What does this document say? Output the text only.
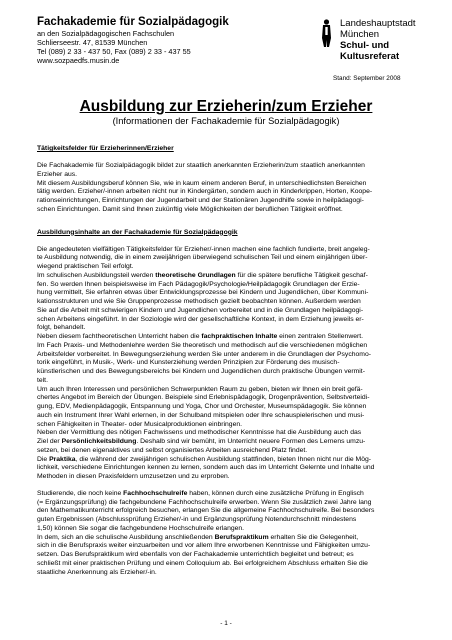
Fachakademie für Sozialpädagogik

an den Sozialpädagogischen Fachschulen

Schlierseestr. 47, 81539 München

Tel (089) 2 33 - 437 50, Fax (089) 2 33 - 437 55

www.sozpaedfs.musin.de

Landeshauptstadt

München

Schul- und

Kultusreferat

Stand: September 2008

Ausbildung zur Erzieherin/zum Erzieher

(Informationen der Fachakademie für Sozialpädagogik)

Tätigkeitsfelder für Erzieherinnen/Erzieher

Die Fachakademie für Sozialpädagogik bildet zur staatlich anerkannten Erzieherin/zum staatlich anerkannten

Erzieher aus.

Mit diesem Ausbildungsberuf können Sie, wie in kaum einem anderen Beruf, in unterschiedlichsten Bereichen

tätig werden. Erzieher/-innen arbeiten nicht nur in Kindergärten, sondern auch in Kinderkrippen, Horten, Koope-

rationseinrichtungen, Einrichtungen der Jugendarbeit und der Stationären Jugendhilfe sowie in heilpädagogi-

schen Einrichtungen. Damit sind Ihnen zukünftig viele Möglichkeiten der beruflichen Tätigkeit eröffnet.

Ausbildungsinhalte an der Fachakademie für Sozialpädagogik

Die angedeuteten vielfältigen Tätigkeitsfelder für Erzieher/-innen machen eine fachlich fundierte, breit angeleg-

te Ausbildung notwendig, die in einem zweijährigen überwiegend schulischen Teil und einem einjährigen über-

wiegend praktischen Teil erfolgt.

Im schulischen Ausbildungsteil werden theoretische Grundlagen für die spätere berufliche Tätigkeit geschaf-

fen. So werden Ihnen beispielsweise im Fach Pädagogik/Psychologie/Heilpädagogik Grundlagen der Erzie-

hung vermittelt, Sie erfahren etwas über Entwicklungsprozesse bei Kindern und Jugendlichen, über Kommuni-

kationsstrukturen und wie Sie Gruppenprozesse methodisch gezielt beobachten können. Außerdem werden

Sie auf die Arbeit mit schwierigen Kindern und Jugendlichen vorbereitet und in die Grundlagen heilpädagogi-

schen Arbeitens eingeführt. In der Soziologie wird der gesellschaftliche Kontext, in dem Erziehung jeweils er-

folgt, behandelt.

Neben diesem fachtheoretischen Unterricht haben die fachpraktischen Inhalte einen zentralen Stellenwert.

Im Fach Praxis- und Methodenlehre werden Sie theoretisch und methodisch auf die verschiedenen möglichen

Arbeitsfelder vorbereitet. In Bewegungserziehung werden Sie unter anderem in die Grundlagen der Psychomo-

torik eingeführt, in Musik-, Werk- und Kunsterziehung werden Prinzipien zur Förderung des musisch-

künstlerischen und des Bewegungsbereichs bei Kindern und Jugendlichen durch praktische Übungen vermit-

telt.

Um auch Ihren Interessen und persönlichen Schwerpunkten Raum zu geben, bieten wir Ihnen ein breit gefä-

chertes Angebot im Bereich der Übungen. Beispiele sind Erlebnispädagogik, Drogenprävention, Selbstverteidi-

gung, EDV, Medienpädagogik, Entspannung und Yoga, Chor und Orchester, Museumspädagogik. Sie können

auch ein Instrument Ihrer Wahl erlernen, in der Schulband mitspielen oder Ihre schauspielerischen und musi-

schen Fähigkeiten in Theater- oder Musicalproduktionen einbringen.

Neben der Vermittlung des nötigen Fachwissens und methodischer Kenntnisse hat die Ausbildung auch das

Ziel der Persönlichkeitsbildung. Deshalb sind wir bemüht, im Unterricht neuere Formen des Lernens umzu-

setzen, bei denen eigenaktives und selbst organisiertes Arbeiten ausreichend Platz findet.

Die Praktika, die während der zweijährigen schulischen Ausbildung stattfinden, bieten Ihnen nicht nur die Mög-

lichkeit, verschiedene Einrichtungen kennen zu lernen, sondern auch das im Unterricht Gelernte und Inhalte und

Methoden in diesen Praxisfeldern umzusetzen und zu erproben.

Studierende, die noch keine Fachhochschulreife haben, können durch eine zusätzliche Prüfung in Englisch

(= Ergänzungsprüfung) die fachgebundene Fachhochschulreife erwerben. Wenn Sie zusätzlich zwei Jahre lang

den Mathematikunterricht erfolgreich besuchen, erlangen Sie die allgemeine Fachhochschulreife. Bei besonders

guten Ergebnissen (Abschlussprüfung Erzieher/-in und Ergänzungsprüfung Notendurchschnitt mindestens

1,50) können Sie sogar die fachgebundene Hochschulreife erlangen.

In dem, sich an die schulische Ausbildung anschließenden Berufspraktikum erhalten Sie die Gelegenheit,

sich in die Berufspraxis weiter einzuarbeiten und vor allem Ihre erworbenen Kenntnisse und Fähigkeiten umzu-

setzen. Das Berufspraktikum wird ebenfalls von der Fachakademie unterrichtlich begleitet und betreut; es

schließt mit einer praktischen Prüfung und einem Colloquium ab. Bei erfolgreichem Abschluss erhalten Sie die

staatliche Anerkennung als Erzieher/-in.

- 1 -
